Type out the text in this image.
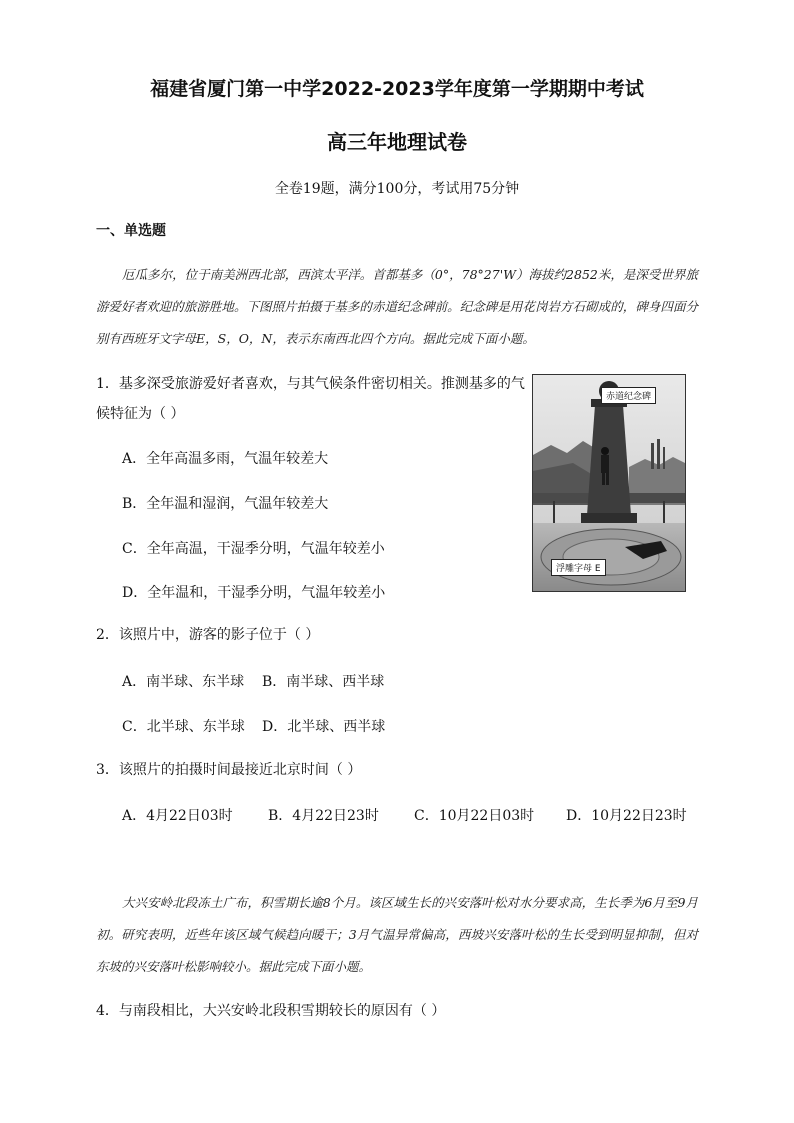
福建省厦门第一中学2022-2023学年度第一学期期中考试
高三年地理试卷
全卷19题，满分100分，考试用75分钟
一、单选题

厄瓜多尔，位于南美洲西北部，西滨太平洋。首都基多（0°，78°27'W）海拔约2852米，是深受世界旅游爱好者欢迎的旅游胜地。下图照片拍摄于基多的赤道纪念碑前。纪念碑是用花岗岩方石砌成的，碑身四面分别有西班牙文字母E，S，O，N，表示东南西北四个方向。据此完成下面小题。

1．基多深受旅游爱好者喜欢，与其气候条件密切相关。推测基多的气候特征为（ ）
A．全年高温多雨，气温年较差大
B．全年温和湿润，气温年较差大
C．全年高温，干湿季分明，气温年较差小
D．全年温和，干湿季分明，气温年较差小
赤道纪念碑
浮雕字母 E
2．该照片中，游客的影子位于（ ）
A．南半球、东半球 B．南半球、西半球
C．北半球、东半球 D．北半球、西半球
3．该照片的拍摄时间最接近北京时间（ ）
A．4月22日03时	B．4月22日23时	C．10月22日03时 D．10月22日23时

大兴安岭北段冻土广布，积雪期长逾8个月。该区域生长的兴安落叶松对水分要求高，生长季为6月至9月初。研究表明，近些年该区域气候趋向暖干；3月气温异常偏高，西坡兴安落叶松的生长受到明显抑制，但对东坡的兴安落叶松影响较小。据此完成下面小题。

4．与南段相比，大兴安岭北段积雪期较长的原因有（ ）
